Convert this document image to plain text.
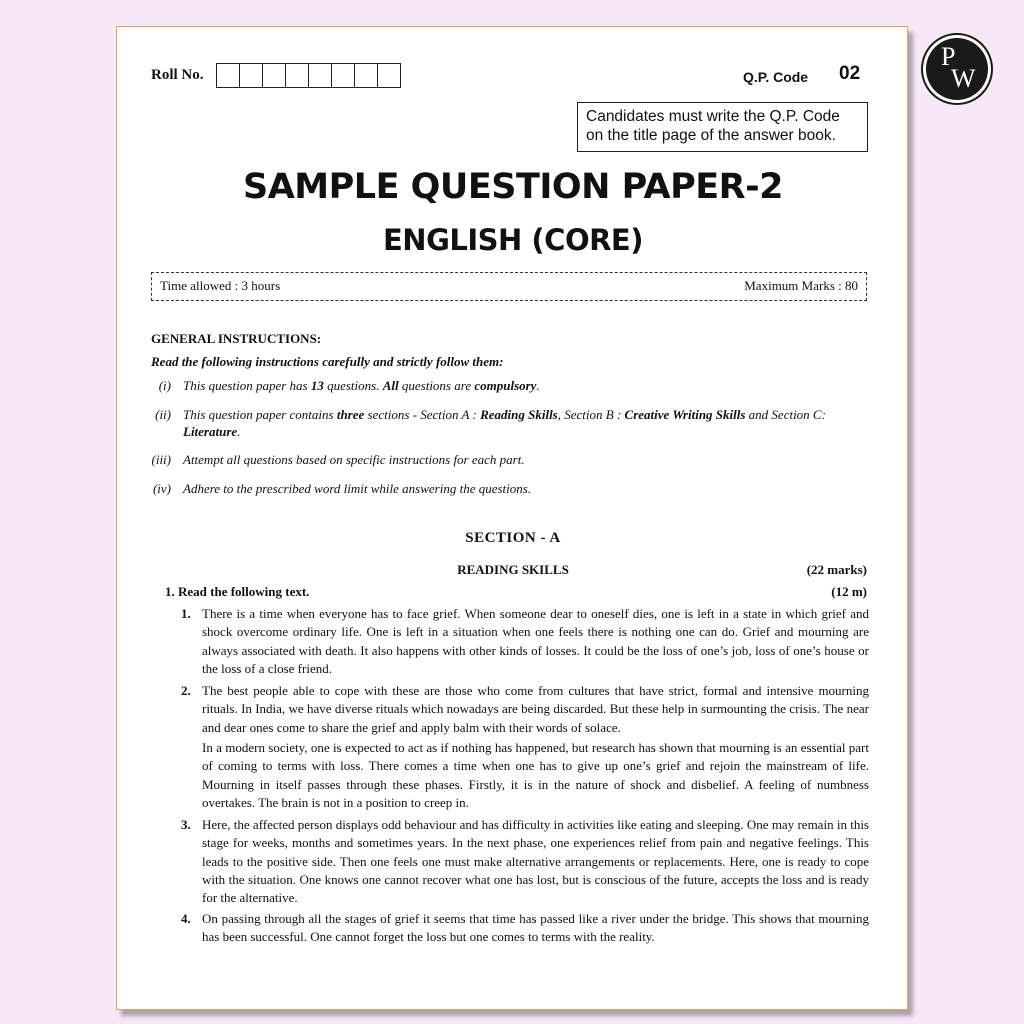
P
W
Roll No.	Q.P. Code 02
Candidates must write the Q.P. Code
on the title page of the answer book.
SAMPLE QUESTION PAPER-2
ENGLISH (CORE)
Time allowed : 3 hours	Maximum Marks : 80
GENERAL INSTRUCTIONS:
Read the following instructions carefully and strictly follow them:
(i) This question paper has 13 questions. All questions are compulsory.
(ii) This question paper contains three sections - Section A : Reading Skills, Section B : Creative Writing Skills and Section C: Literature.
(iii) Attempt all questions based on specific instructions for each part.
(iv) Adhere to the prescribed word limit while answering the questions.
SECTION - A
READING SKILLS	(22 marks)
1. Read the following text.	(12 m)
1. There is a time when everyone has to face grief. When someone dear to oneself dies, one is left in a state in which grief and shock overcome ordinary life. One is left in a situation when one feels there is nothing one can do. Grief and mourning are always associated with death. It also happens with other kinds of losses. It could be the loss of one’s job, loss of one’s house or the loss of a close friend.
2. The best people able to cope with these are those who come from cultures that have strict, formal and intensive mourning rituals. In India, we have diverse rituals which nowadays are being discarded. But these help in surmounting the crisis. The near and dear ones come to share the grief and apply balm with their words of solace.
In a modern society, one is expected to act as if nothing has happened, but research has shown that mourning is an essential part of coming to terms with loss. There comes a time when one has to give up one’s grief and rejoin the mainstream of life. Mourning in itself passes through these phases. Firstly, it is in the nature of shock and disbelief. A feeling of numbness overtakes. The brain is not in a position to creep in.
3. Here, the affected person displays odd behaviour and has difficulty in activities like eating and sleeping. One may remain in this stage for weeks, months and sometimes years. In the next phase, one experiences relief from pain and negative feelings. This leads to the positive side. Then one feels one must make alternative arrangements or replacements. Here, one is ready to cope with the situation. One knows one cannot recover what one has lost, but is conscious of the future, accepts the loss and is ready for the alternative.
4. On passing through all the stages of grief it seems that time has passed like a river under the bridge. This shows that mourning has been successful. One cannot forget the loss but one comes to terms with the reality.
